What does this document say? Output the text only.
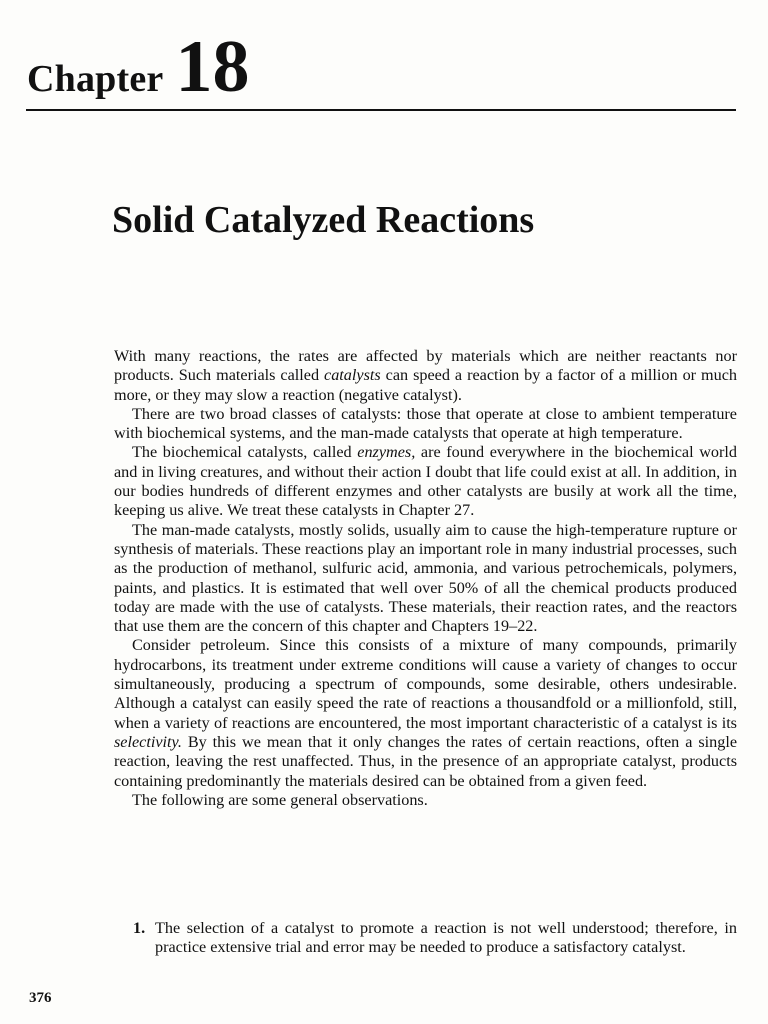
Chapter 18
Solid Catalyzed Reactions

With many reactions, the rates are affected by materials which are neither reactants nor products. Such materials called catalysts can speed a reaction by a factor of a million or much more, or they may slow a reaction (negative catalyst).

There are two broad classes of catalysts: those that operate at close to ambient temperature with biochemical systems, and the man-made catalysts that operate at high temperature.

The biochemical catalysts, called enzymes, are found everywhere in the biochemical world and in living creatures, and without their action I doubt that life could exist at all. In addition, in our bodies hundreds of different enzymes and other catalysts are busily at work all the time, keeping us alive. We treat these catalysts in Chapter 27.

The man-made catalysts, mostly solids, usually aim to cause the high-temperature rupture or synthesis of materials. These reactions play an important role in many industrial processes, such as the production of methanol, sulfuric acid, ammonia, and various petrochemicals, polymers, paints, and plastics. It is estimated that well over 50% of all the chemical products produced today are made with the use of catalysts. These materials, their reaction rates, and the reactors that use them are the concern of this chapter and Chapters 19–22.

Consider petroleum. Since this consists of a mixture of many compounds, primarily hydrocarbons, its treatment under extreme conditions will cause a variety of changes to occur simultaneously, producing a spectrum of compounds, some desirable, others undesirable. Although a catalyst can easily speed the rate of reactions a thousandfold or a millionfold, still, when a variety of reactions are encountered, the most important characteristic of a catalyst is its selectivity. By this we mean that it only changes the rates of certain reactions, often a single reaction, leaving the rest unaffected. Thus, in the presence of an appropriate catalyst, products containing predominantly the materials desired can be obtained from a given feed.

The following are some general observations.

1. The selection of a catalyst to promote a reaction is not well understood; therefore, in practice extensive trial and error may be needed to produce a satisfactory catalyst.
376
